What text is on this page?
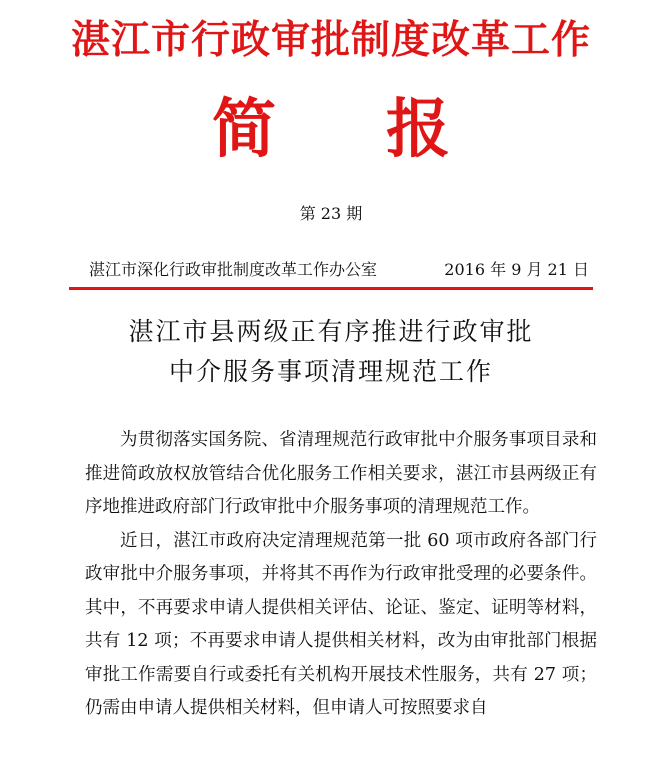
湛江市行政审批制度改革工作
简 报
第 23 期
湛江市深化行政审批制度改革工作办公室	2016 年 9 月 21 日
湛江市县两级正有序推进行政审批
中介服务事项清理规范工作

为贯彻落实国务院、省清理规范行政审批中介服务事项目录和推进简政放权放管结合优化服务工作相关要求，湛江市县两级正有序地推进政府部门行政审批中介服务事项的清理规范工作。

近日，湛江市政府决定清理规范第一批 60 项市政府各部门行政审批中介服务事项，并将其不再作为行政审批受理的必要条件。其中，不再要求申请人提供相关评估、论证、鉴定、证明等材料，共有 12 项；不再要求申请人提供相关材料，改为由审批部门根据审批工作需要自行或委托有关机构开展技术性服务，共有 27 项；仍需由申请人提供相关材料，但申请人可按照要求自
